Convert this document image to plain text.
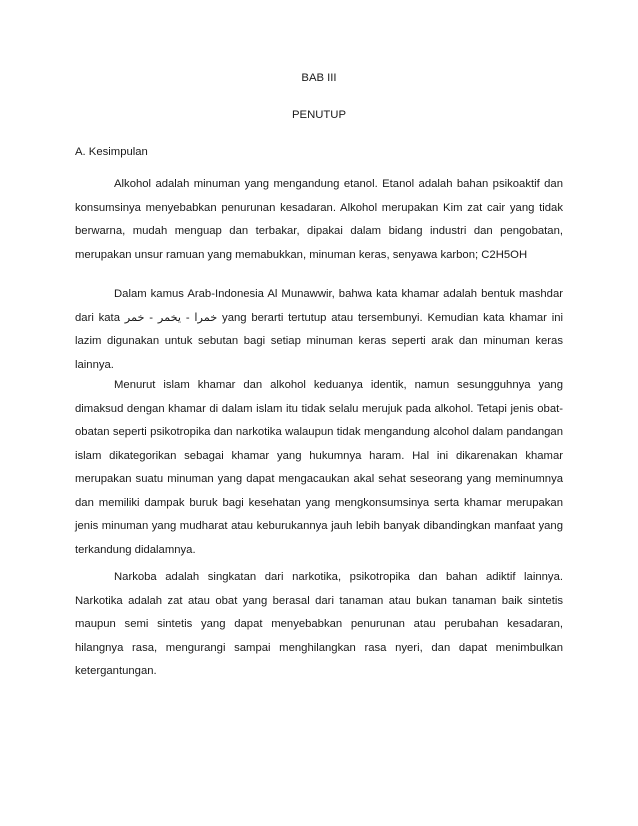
BAB III
PENUTUP
A. Kesimpulan

Alkohol adalah minuman yang mengandung etanol. Etanol adalah bahan psikoaktif dan konsumsinya menyebabkan penurunan kesadaran. Alkohol merupakan Kim zat cair yang tidak berwarna, mudah menguap dan terbakar, dipakai dalam bidang industri dan pengobatan, merupakan unsur ramuan yang memabukkan, minuman keras, senyawa karbon; C2H5OH

Dalam kamus Arab-Indonesia Al Munawwir, bahwa kata khamar adalah bentuk mashdar dari kata خمرا - يخمر - خمر yang berarti tertutup atau tersembunyi. Kemudian kata khamar ini lazim digunakan untuk sebutan bagi setiap minuman keras seperti arak dan minuman keras lainnya.

Menurut islam khamar dan alkohol keduanya identik, namun sesungguhnya yang dimaksud dengan khamar di dalam islam itu tidak selalu merujuk pada alkohol. Tetapi jenis obat- obatan seperti psikotropika dan narkotika walaupun tidak mengandung alcohol dalam pandangan islam dikategorikan sebagai khamar yang hukumnya haram. Hal ini dikarenakan khamar merupakan suatu minuman yang dapat mengacaukan akal sehat seseorang yang meminumnya dan memiliki dampak buruk bagi kesehatan yang mengkonsumsinya serta khamar merupakan jenis minuman yang mudharat atau keburukannya jauh lebih banyak dibandingkan manfaat yang terkandung didalamnya.

Narkoba adalah singkatan dari narkotika, psikotropika dan bahan adiktif lainnya. Narkotika adalah zat atau obat yang berasal dari tanaman atau bukan tanaman baik sintetis maupun semi sintetis yang dapat menyebabkan penurunan atau perubahan kesadaran, hilangnya rasa, mengurangi sampai menghilangkan rasa nyeri, dan dapat menimbulkan ketergantungan.
